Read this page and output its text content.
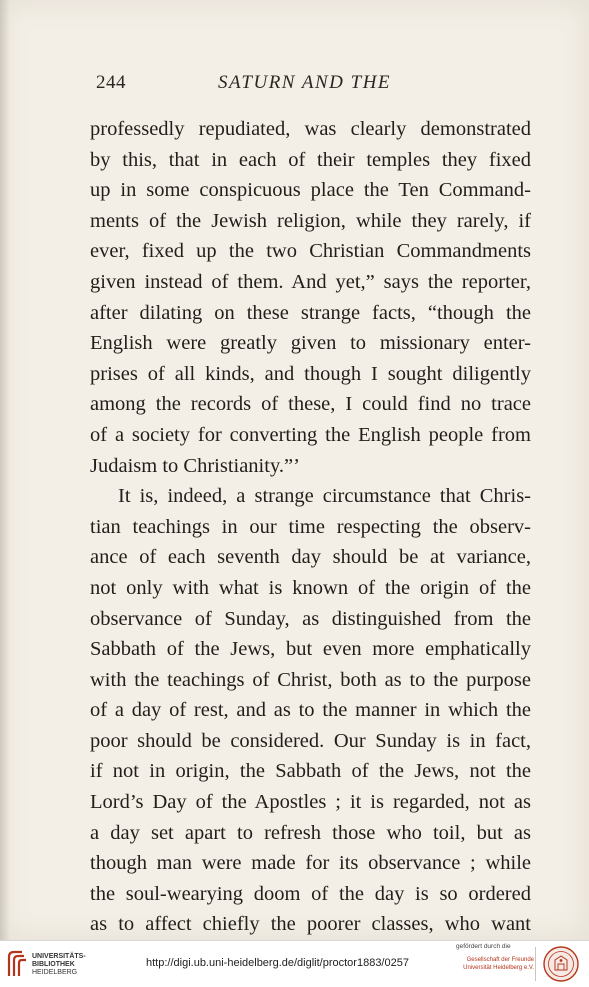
244	SATURN AND THE
professedly repudiated, was clearly demonstrated
by this, that in each of their temples they fixed
up in some conspicuous place the Ten Command-
ments of the Jewish religion, while they rarely, if
ever, fixed up the two Christian Commandments
given instead of them. And yet,” says the reporter,
after dilating on these strange facts, “though the
English were greatly given to missionary enter-
prises of all kinds, and though I sought diligently
among the records of these, I could find no trace
of a society for converting the English people from
Judaism to Christianity.”’
It is, indeed, a strange circumstance that Chris-
tian teachings in our time respecting the observ-
ance of each seventh day should be at variance,
not only with what is known of the origin of the
observance of Sunday, as distinguished from the
Sabbath of the Jews, but even more emphatically
with the teachings of Christ, both as to the purpose
of a day of rest, and as to the manner in which the
poor should be considered. Our Sunday is in fact,
if not in origin, the Sabbath of the Jews, not the
Lord’s Day of the Apostles ; it is regarded, not as
a day set apart to refresh those who toil, but as
though man were made for its observance ; while
the soul-wearying doom of the day is so ordered
as to affect chiefly the poorer classes, who want
UNIVERSITÄTS-
BIBLIOTHEK
HEIDELBERG
http://digi.ub.uni-heidelberg.de/diglit/proctor1883/0257
gefördert durch die
Gesellschaft der Freunde
Universität Heidelberg e.V.
